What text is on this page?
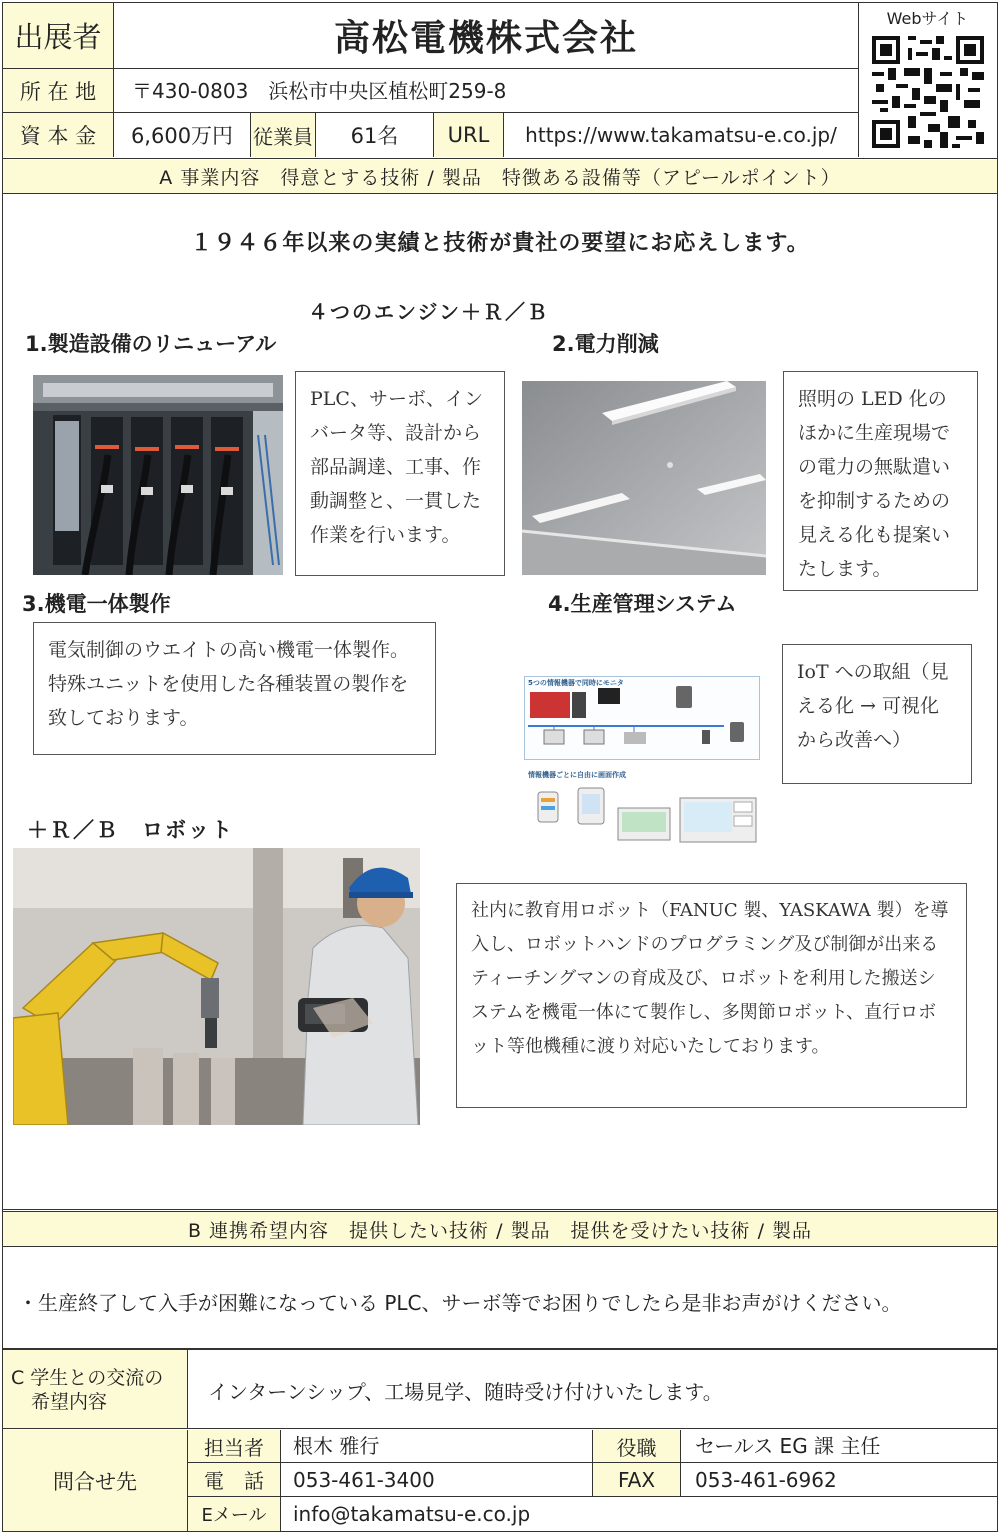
出展者	高松電機株式会社
所 在 地	〒430-0803　浜松市中央区植松町259-8
資 本 金	6,600万円 従業員	61名	URL	https://www.takamatsu-e.co.jp/
Webサイト
A 事業内容　得意とする技術 / 製品　特徴ある設備等（アピールポイント）
１９４６年以来の実績と技術が貴社の要望にお応えします。
４つのエンジン＋Ｒ／Ｂ
1.製造設備のリニューアル
PLC、サーボ、インバータ等、設計から部品調達、工事、作動調整と、一貫した作業を行います。
2.電力削減
照明の LED 化のほかに生産現場での電力の無駄遣いを抑制するための見える化も提案いたします。
3.機電一体製作
電気制御のウエイトの高い機電一体製作。特殊ユニットを使用した各種装置の製作を致しております。
4.生産管理システム
IoT への取組（見える化 → 可視化から改善へ）
5つの情報機器で同時にモニタ
情報機器ごとに自由に画面作成
＋Ｒ／Ｂ　ロボット
社内に教育用ロボット（FANUC 製、YASKAWA 製）を導入し、ロボットハンドのプログラミング及び制御が出来るティーチングマンの育成及び、ロボットを利用した搬送システムを機電一体にて製作し、多関節ロボット、直行ロボット等他機種に渡り対応いたしております。
B 連携希望内容　提供したい技術 / 製品　提供を受けたい技術 / 製品
・生産終了して入手が困難になっている PLC、サーボ等でお困りでしたら是非お声がけください。
C 学生との交流の
希望内容	インターンシップ、工場見学、随時受け付けいたします。
問合せ先
担当者	根木 雅行	役職	セールス EG 課 主任
電　話	053-461-3400	FAX	053-461-6962
Eメール	info@takamatsu-e.co.jp
